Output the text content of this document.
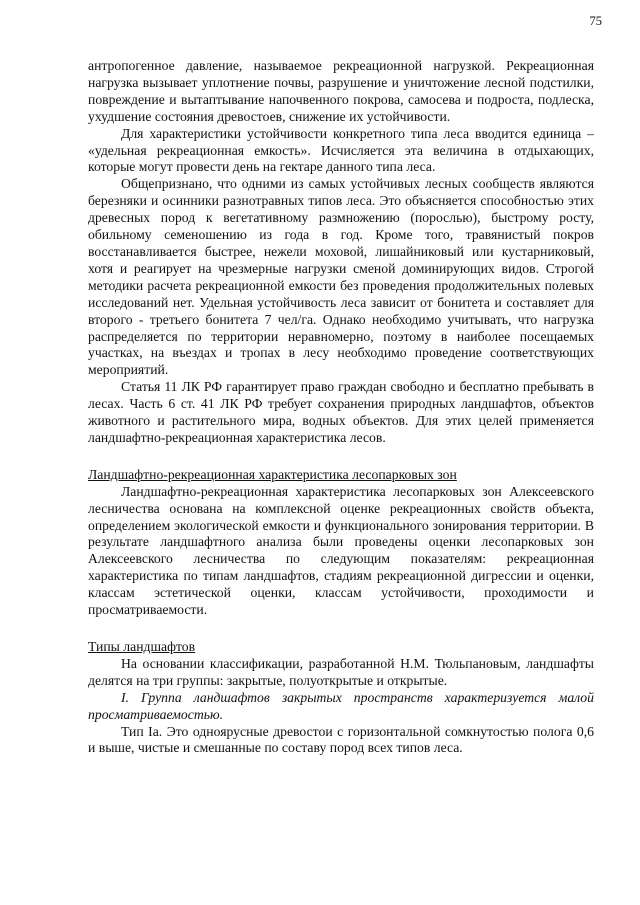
75

антропогенное давление, называемое рекреационной нагрузкой. Рекреационная нагрузка вызывает уплотнение почвы, разрушение и уничтожение лесной подстилки, повреждение и вытаптывание напочвенного покрова, самосева и подроста, подлеска, ухудшение состояния древостоев, снижение их устойчивости.

Для характеристики устойчивости конкретного типа леса вводится единица – «удельная рекреационная емкость». Исчисляется эта величина в отдыхающих, которые могут провести день на гектаре данного типа леса.

Общепризнано, что одними из самых устойчивых лесных сообществ являются березняки и осинники разнотравных типов леса. Это объясняется способностью этих древесных пород к вегетативному размножению (порослью), быстрому росту, обильному семеношению из года в год. Кроме того, травянистый покров восстанавливается быстрее, нежели моховой, лишайниковый или кустарниковый, хотя и реагирует на чрезмерные нагрузки сменой доминирующих видов. Строгой методики расчета рекреационной емкости без проведения продолжительных полевых исследований нет. Удельная устойчивость леса зависит от бонитета и составляет для второго - третьего бонитета 7 чел/га. Однако необходимо учитывать, что нагрузка распределяется по территории неравномерно, поэтому в наиболее посещаемых участках, на въездах и тропах в лесу необходимо проведение соответствующих мероприятий.

Статья 11 ЛК РФ гарантирует право граждан свободно и бесплатно пребывать в лесах. Часть 6 ст. 41 ЛК РФ требует сохранения природных ландшафтов, объектов животного и растительного мира, водных объектов. Для этих целей применяется ландшафтно-рекреационная характеристика лесов.

Ландшафтно-рекреационная характеристика лесопарковых зон

Ландшафтно-рекреационная характеристика лесопарковых зон Алексеевского лесничества основана на комплексной оценке рекреационных свойств объекта, определением экологической емкости и функционального зонирования территории. В результате ландшафтного анализа были проведены оценки лесопарковых зон Алексеевского лесничества по следующим показателям: рекреационная характеристика по типам ландшафтов, стадиям рекреационной дигрессии и оценки, классам эстетической оценки, классам устойчивости, проходимости и просматриваемости.

Типы ландшафтов

На основании классификации, разработанной Н.М. Тюльпановым, ландшафты делятся на три группы: закрытые, полуоткрытые и открытые.

I. Группа ландшафтов закрытых пространств характеризуется малой просматриваемостью.

Тип Iа. Это одноярусные древостои с горизонтальной сомкнутостью полога 0,6 и выше, чистые и смешанные по составу пород всех типов леса.
